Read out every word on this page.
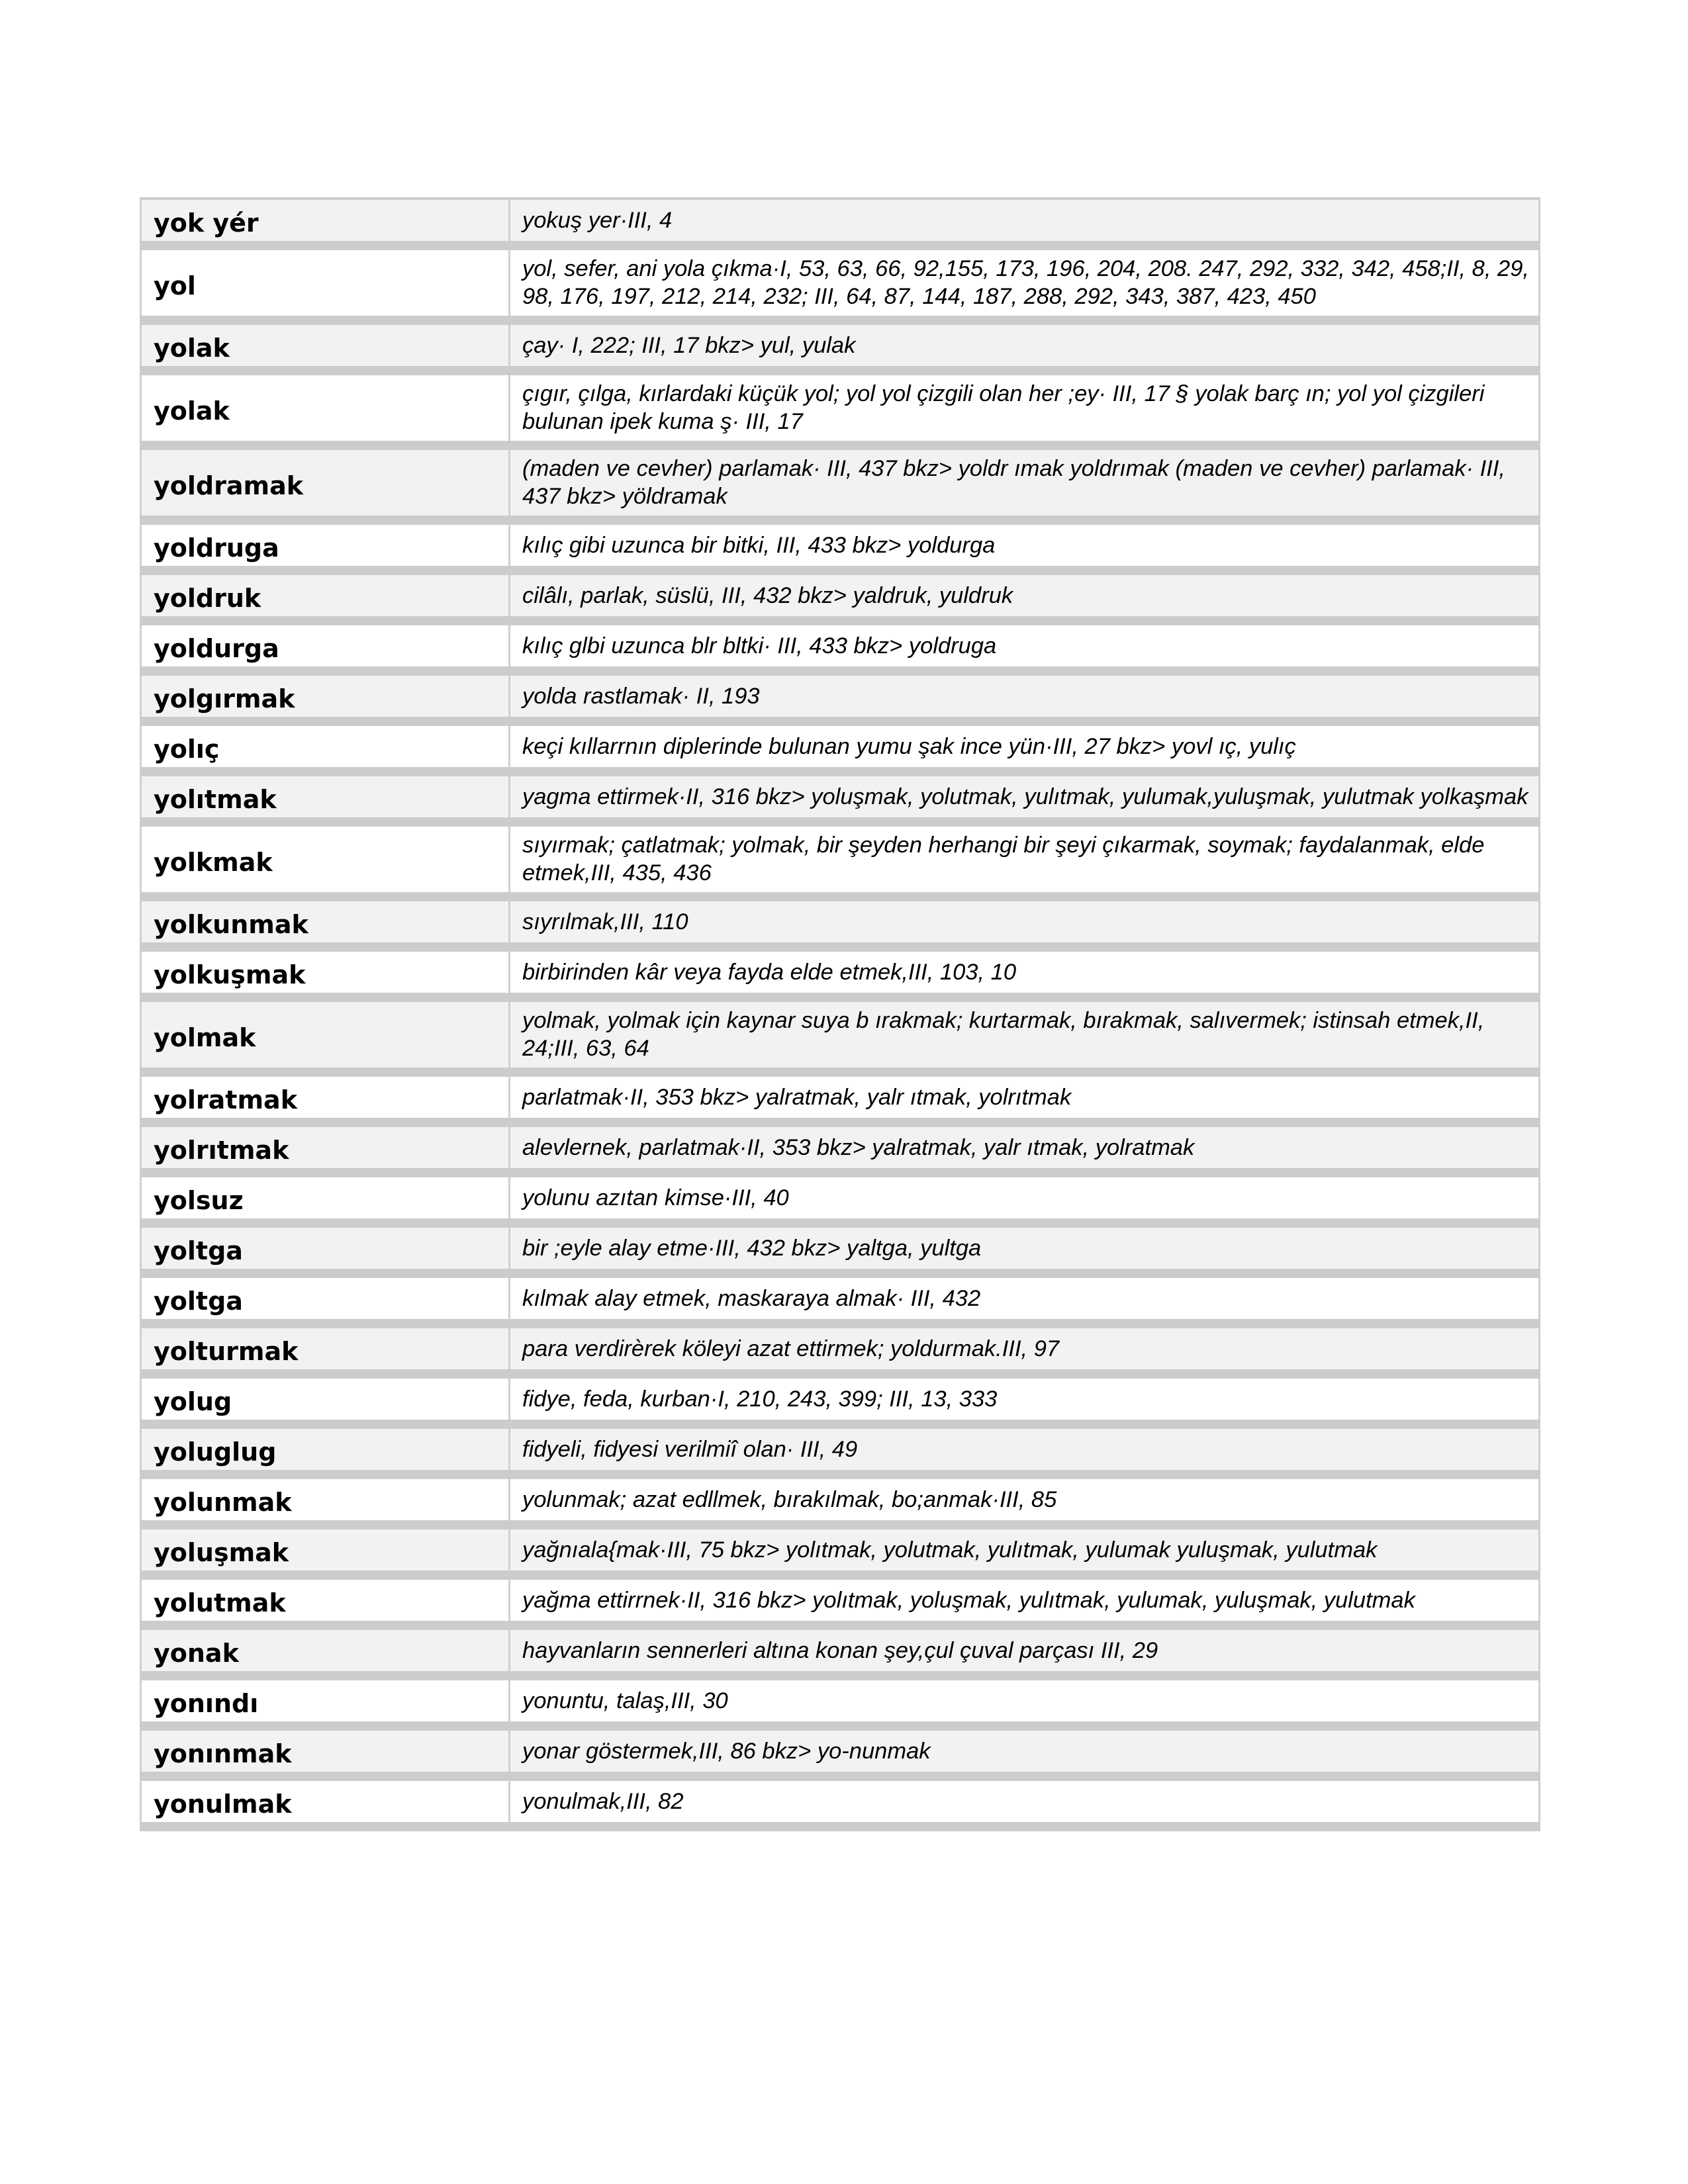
yok yér	yokuş yer·III, 4
yol	yol, sefer, ani yola çıkma·I, 53, 63, 66, 92,155, 173, 196, 204, 208. 247, 292, 332, 342, 458;II, 8, 29, 98, 176, 197, 212, 214, 232; III, 64, 87, 144, 187, 288, 292, 343, 387, 423, 450
yolak	çay· I, 222; III, 17 bkz> yul, yulak
yolak	çıgır, çılga, kırlardaki küçük yol; yol yol çizgili olan her ;ey· III, 17 § yolak barç ın; yol yol çizgileri bulunan ipek kuma ş· III, 17
yoldramak	(maden ve cevher) parlamak· III, 437 bkz> yoldr ımak yoldrımak (maden ve cevher) parlamak· III, 437 bkz> yöldramak
yoldruga	kılıç gibi uzunca bir bitki, III, 433 bkz> yoldurga
yoldruk	cilâlı, parlak, süslü, III, 432 bkz> yaldruk, yuldruk
yoldurga	kılıç glbi uzunca blr bltki· III, 433 bkz> yoldruga
yolgırmak	yolda rastlamak· II, 193
yolıç	keçi kıllarrnın diplerinde bulunan yumu şak ince yün·III, 27 bkz> yovl ıç, yulıç
yolıtmak	yagma ettirmek·II, 316 bkz> yoluşmak, yolutmak, yulıtmak, yulumak,yuluşmak, yulutmak yolkaşmak
yolkmak	sıyırmak; çatlatmak; yolmak, bir şeyden herhangi bir şeyi çıkarmak, soymak; faydalanmak, elde etmek,III, 435, 436
yolkunmak	sıyrılmak,III, 110
yolkuşmak	birbirinden kâr veya fayda elde etmek,III, 103, 10
yolmak	yolmak, yolmak için kaynar suya b ırakmak; kurtarmak, bırakmak, salıvermek; istinsah etmek,II, 24;III, 63, 64
yolratmak	parlatmak·II, 353 bkz> yalratmak, yalr ıtmak, yolrıtmak
yolrıtmak	alevlernek, parlatmak·II, 353 bkz> yalratmak, yalr ıtmak, yolratmak
yolsuz	yolunu azıtan kimse·III, 40
yoltga	bir ;eyle alay etme·III, 432 bkz> yaltga, yultga
yoltga	kılmak alay etmek, maskaraya almak· III, 432
yolturmak	para verdirèrek köleyi azat ettirmek; yoldurmak.III, 97
yolug	fidye, feda, kurban·I, 210, 243, 399; III, 13, 333
yoluglug	fidyeli, fidyesi verilmiî olan· III, 49
yolunmak	yolunmak; azat edllmek, bırakılmak, bo;anmak·III, 85
yoluşmak	yağnıala{mak·III, 75 bkz> yolıtmak, yolutmak, yulıtmak, yulumak yuluşmak, yulutmak
yolutmak	yağma ettirrnek·II, 316 bkz> yolıtmak, yoluşmak, yulıtmak, yulumak, yuluşmak, yulutmak
yonak	hayvanların sennerleri altına konan şey,çul çuval parçası III, 29
yonındı	yonuntu, talaş,III, 30
yonınmak	yonar göstermek,III, 86 bkz> yo-nunmak
yonulmak	yonulmak,III, 82
